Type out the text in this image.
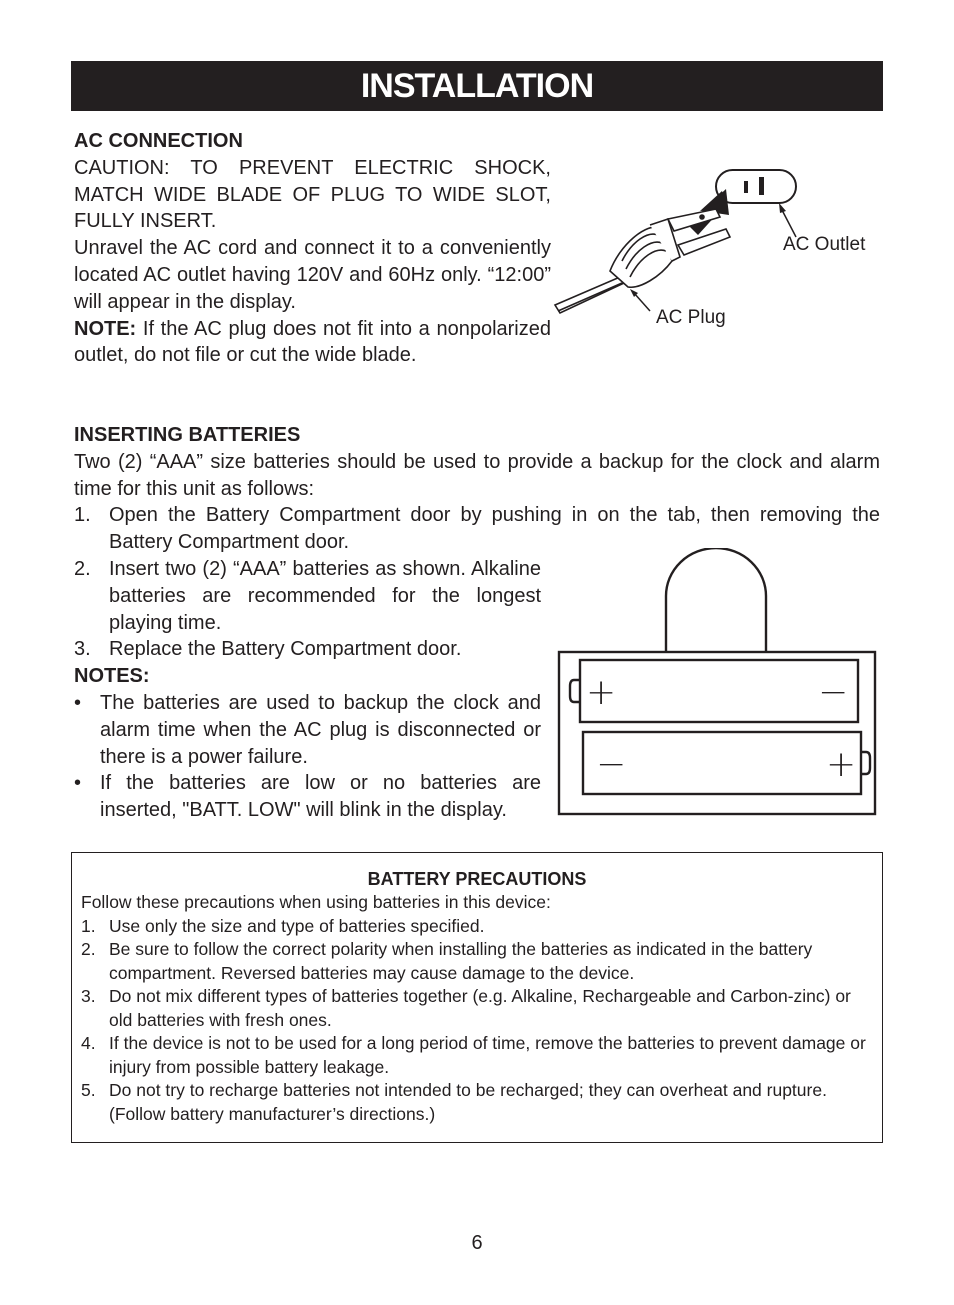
INSTALLATION
AC CONNECTION
CAUTION: TO PREVENT ELECTRIC SHOCK, MATCH WIDE BLADE OF PLUG TO WIDE SLOT, FULLY INSERT.
Unravel the AC cord and connect it to a conveniently located AC outlet having 120V and 60Hz only. “12:00” will appear in the display.
NOTE: If the AC plug does not fit into a nonpolarized outlet, do not file or cut the wide blade.
AC Outlet
AC Plug
INSERTING BATTERIES
Two (2) “AAA” size batteries should be used to provide a backup for the clock and alarm time for this unit as follows:
1. Open the Battery Compartment door by pushing in on the tab, then removing the Battery Compartment door.
2. Insert two (2) “AAA” batteries as shown. Alkaline batteries are recommended for the longest playing time.
3. Replace the Battery Compartment door.
NOTES:
• The batteries are used to backup the clock and alarm time when the AC plug is disconnected or there is a power failure.
• If the batteries are low or no batteries are inserted, "BATT. LOW" will blink in the display.
+	−
−	+
BATTERY PRECAUTIONS
Follow these precautions when using batteries in this device:
1. Use only the size and type of batteries specified.
2. Be sure to follow the correct polarity when installing the batteries as indicated in the battery compartment. Reversed batteries may cause damage to the device.
3. Do not mix different types of batteries together (e.g. Alkaline, Rechargeable and Carbon-zinc) or old batteries with fresh ones.
4. If the device is not to be used for a long period of time, remove the batteries to prevent damage or injury from possible battery leakage.
5. Do not try to recharge batteries not intended to be recharged; they can overheat and rupture. (Follow battery manufacturer’s directions.)
6
